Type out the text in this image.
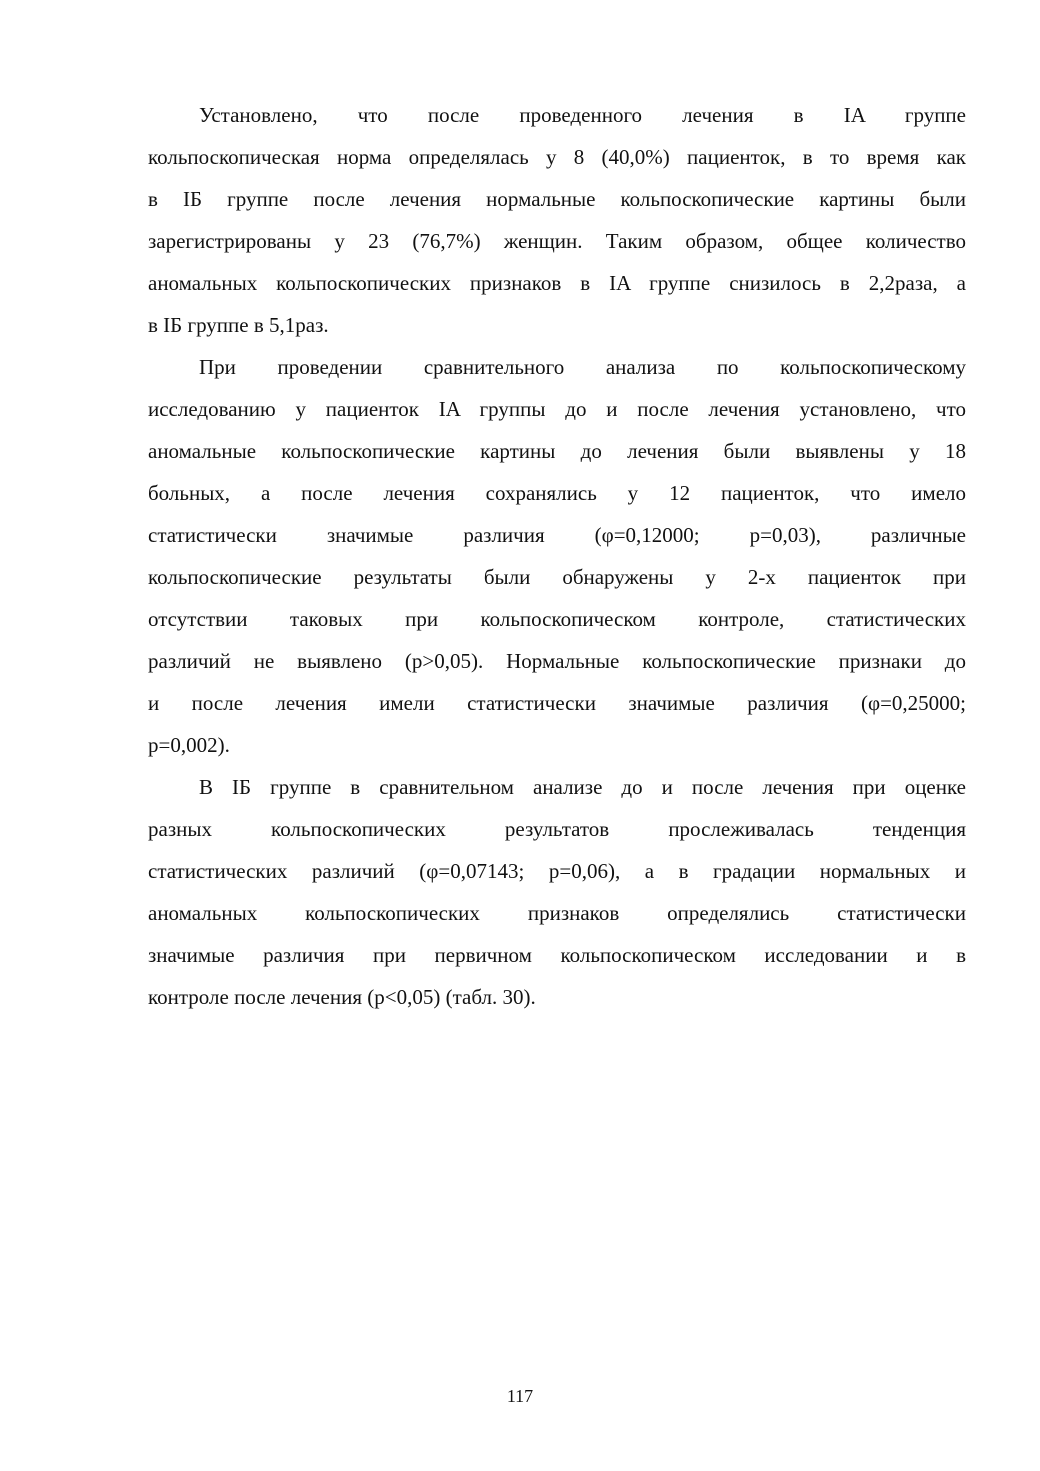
Установлено, что после проведенного лечения в IA группе
кольпоскопическая норма определялась у 8 (40,0%) пациенток, в то время как
в IБ группе после лечения нормальные кольпоскопические картины были
зарегистрированы у 23 (76,7%) женщин. Таким образом, общее количество
аномальных кольпоскопических признаков в IA группе снизилось в 2,2раза, а
в IБ группе в 5,1раз.
При проведении сравнительного анализа по кольпоскопическому
исследованию у пациенток IA группы до и после лечения установлено, что
аномальные кольпоскопические картины до лечения были выявлены у 18
больных, а после лечения сохранялись у 12 пациенток, что имело
статистически значимые различия (φ=0,12000; р=0,03), различные
кольпоскопические результаты были обнаружены у 2-х пациенток при
отсутствии таковых при кольпоскопическом контроле, статистических
различий не выявлено (р>0,05). Нормальные кольпоскопические признаки до
и после лечения имели статистически значимые различия (φ=0,25000;
р=0,002).
В IБ группе в сравнительном анализе до и после лечения при оценке
разных кольпоскопических результатов прослеживалась тенденция
статистических различий (φ=0,07143; р=0,06), а в градации нормальных и
аномальных кольпоскопических признаков определялись статистически
значимые различия при первичном кольпоскопическом исследовании и в
контроле после лечения (р<0,05) (табл. 30).
117
